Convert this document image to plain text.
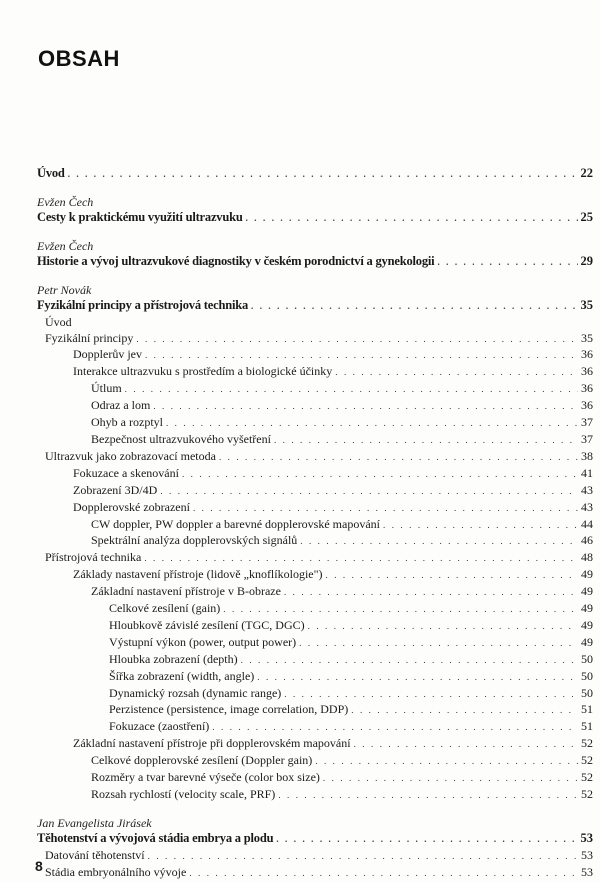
OBSAH
Úvod . . .	22
Evžen Čech
Cesty k praktickému využití ultrazvuku . . .	25
Evžen Čech
Historie a vývoj ultrazvukové diagnostiky v českém porodnictví a gynekologii . . .	29
Petr Novák
Fyzikální principy a přístrojová technika . . .	35
Úvod
Fyzikální principy . . .	35
Dopplerův jev . . .	36
Interakce ultrazvuku s prostředím a biologické účinky . . .	36
Útlum . . .	36
Odraz a lom . . .	36
Ohyb a rozptyl . . .	37
Bezpečnost ultrazvukového vyšetření . . .	37
Ultrazvuk jako zobrazovací metoda . . .	38
Fokuzace a skenování . . .	41
Zobrazení 3D/4D . . .	43
Dopplerovské zobrazení . . .	43
CW doppler, PW doppler a barevné dopplerovské mapování . . .	44
Spektrální analýza dopplerovských signálů . . .	46
Přístrojová technika . . .	48
Základy nastavení přístroje (lidově „knoflíkologie") . . .	49
Základní nastavení přístroje v B-obraze . . .	49
Celkové zesílení (gain) . . .	49
Hloubkově závislé zesílení (TGC, DGC) . . .	49
Výstupní výkon (power, output power) . . .	49
Hloubka zobrazení (depth) . . .	50
Šířka zobrazení (width, angle) . . .	50
Dynamický rozsah (dynamic range) . . .	50
Perzistence (persistence, image correlation, DDP) . . .	51
Fokuzace (zaostření) . . .	51
Základní nastavení přístroje při dopplerovském mapování . . .	52
Celkové dopplerovské zesílení (Doppler gain) . . .	52
Rozměry a tvar barevné výseče (color box size) . . .	52
Rozsah rychlostí (velocity scale, PRF) . . .	52
Jan Evangelista Jirásek
Těhotenství a vývojová stádia embrya a plodu . . .	53
Datování těhotenství . . .	53
Stádia embryonálního vývoje . . .	53
8
